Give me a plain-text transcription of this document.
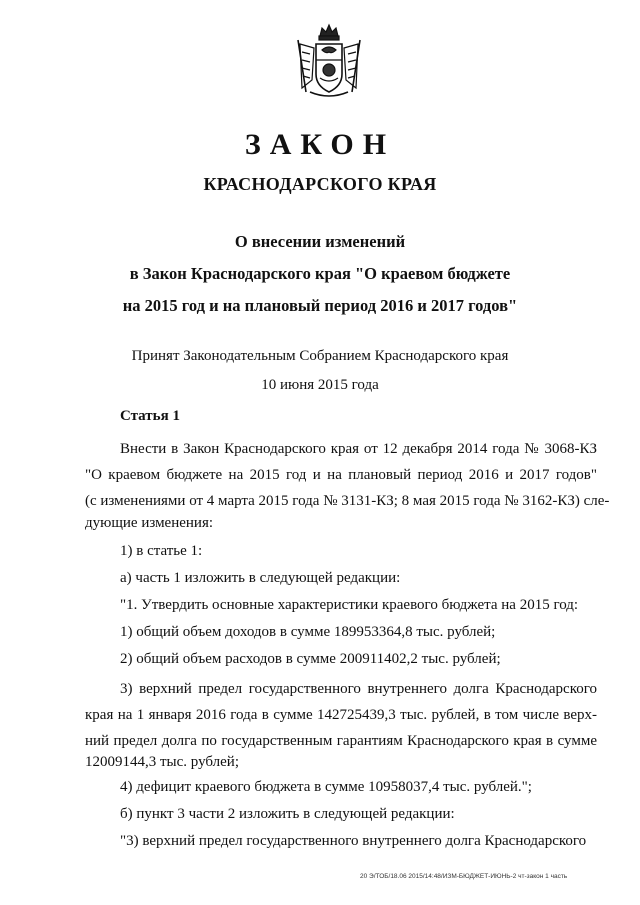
ЗАКОН
КРАСНОДАРСКОГО КРАЯ
О внесении изменений
в Закон Краснодарского края "О краевом бюджете
на 2015 год и на плановый период 2016 и 2017 годов"
Принят Законодательным Собранием Краснодарского края
10 июня 2015 года
Статья 1
Внести в Закон Краснодарского края от 12 декабря 2014 года № 3068-КЗ
"О краевом бюджете на 2015 год и на плановый период 2016 и 2017 годов"
(с изменениями от 4 марта 2015 года № 3131-КЗ; 8 мая 2015 года № 3162-КЗ) сле-
дующие изменения:
1) в статье 1:
а) часть 1 изложить в следующей редакции:
"1. Утвердить основные характеристики краевого бюджета на 2015 год:
1) общий объем доходов в сумме 189953364,8 тыс. рублей;
2) общий объем расходов в сумме 200911402,2 тыс. рублей;
3) верхний предел государственного внутреннего долга Краснодарского
края на 1 января 2016 года в сумме 142725439,3 тыс. рублей, в том числе верх-
ний предел долга по государственным гарантиям Краснодарского края в сумме
12009144,3 тыс. рублей;
4) дефицит краевого бюджета в сумме 10958037,4 тыс. рублей.";
б) пункт 3 части 2 изложить в следующей редакции:
"3) верхний предел государственного внутреннего долга Краснодарского
20 Э/ТОБ/18.06 2015/14:48/ИЗМ-БЮДЖЕТ-ИЮНЬ-2 чт-закон 1 часть
